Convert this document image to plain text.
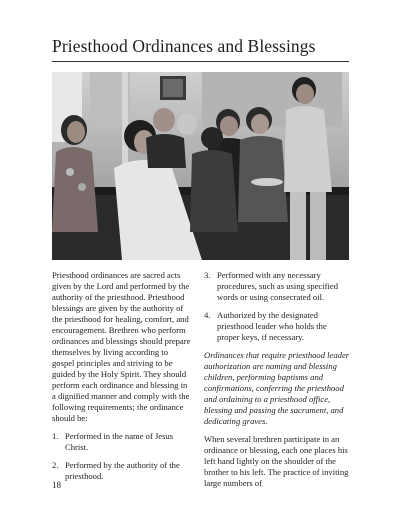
Priesthood Ordinances and Blessings

Priesthood ordinances are sacred acts given by the Lord and performed by the authority of the priesthood. Priesthood blessings are given by the authority of the priesthood for healing, comfort, and encouragement. Brethren who perform ordinances and blessings should prepare themselves by living according to gospel principles and striving to be guided by the Holy Spirit. They should perform each ordinance and blessing in a dignified manner and comply with the following requirements; the ordinance should be:

1. Performed in the name of Jesus Christ.
2. Performed by the authority of the priesthood.
3. Performed with any necessary procedures, such as using specified words or using consecrated oil.
4. Authorized by the designated priesthood leader who holds the proper keys, if necessary.

Ordinances that require priesthood leader authorization are naming and blessing children, performing baptisms and confirmations, conferring the priesthood and ordaining to a priesthood office, blessing and passing the sacrament, and dedicating graves.

When several brethren participate in an ordinance or blessing, each one places his left hand lightly on the shoulder of the brother to his left. The practice of inviting large numbers of

18
